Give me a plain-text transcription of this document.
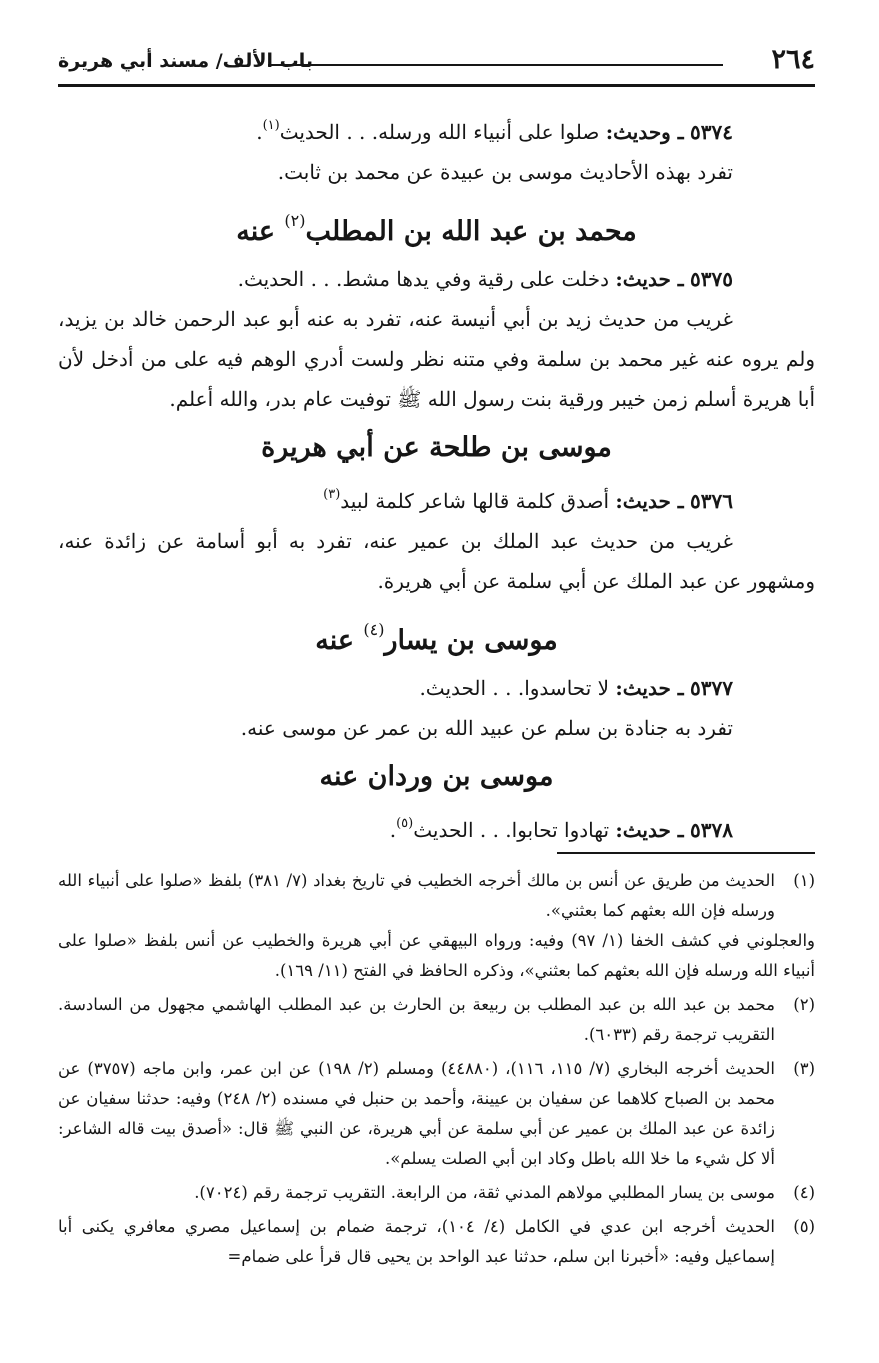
٢٦٤
باب الألف/ مسند أبي هريرة

٥٣٧٤ ـ وحديث: صلوا على أنبياء الله ورسله. . . الحديث$^{(١)}$.

تفرد بهذه الأحاديث موسى بن عبيدة عن محمد بن ثابت.

محمد بن عبد الله بن المطلب$^{(٢)}$ عنه

٥٣٧٥ ـ حديث: دخلت على رقية وفي يدها مشط. . . الحديث.

غريب من حديث زيد بن أبي أنيسة عنه، تفرد به عنه أبو عبد الرحمن خالد بن يزيد، ولم يروه عنه غير محمد بن سلمة وفي متنه نظر ولست أدري الوهم فيه على من أدخل لأن أبا هريرة أسلم زمن خيبر ورقية بنت رسول الله ﷺ توفيت عام بدر، والله أعلم.

موسى بن طلحة عن أبي هريرة

٥٣٧٦ ـ حديث: أصدق كلمة قالها شاعر كلمة لبيد$^{(٣)}$

غريب من حديث عبد الملك بن عمير عنه، تفرد به أبو أسامة عن زائدة عنه، ومشهور عن عبد الملك عن أبي سلمة عن أبي هريرة.

موسى بن يسار$^{(٤)}$ عنه

٥٣٧٧ ـ حديث: لا تحاسدوا. . . الحديث.

تفرد به جنادة بن سلم عن عبيد الله بن عمر عن موسى عنه.

موسى بن وردان عنه

٥٣٧٨ ـ حديث: تهادوا تحابوا. . . الحديث$^{(٥)}$.

(١)

الحديث من طريق عن أنس بن مالك أخرجه الخطيب في تاريخ بغداد (٧/ ٣٨١) بلفظ «صلوا على أنبياء الله ورسله فإن الله بعثهم كما بعثني».

والعجلوني في كشف الخفا (١/ ٩٧) وفيه: ورواه البيهقي عن أبي هريرة والخطيب عن أنس بلفظ «صلوا على أنبياء الله ورسله فإن الله بعثهم كما بعثني»، وذكره الحافظ في الفتح (١١/ ١٦٩).

(٢)

محمد بن عبد الله بن عبد المطلب بن ربيعة بن الحارث بن عبد المطلب الهاشمي مجهول من السادسة. التقريب ترجمة رقم (٦٠٣٣).

(٣)

الحديث أخرجه البخاري (٧/ ١١٥، ١١٦)، (٤٤٨٨٠) ومسلم (٢/ ١٩٨) عن ابن عمر، وابن ماجه (٣٧٥٧) عن محمد بن الصباح كلاهما عن سفيان بن عيينة، وأحمد بن حنبل في مسنده (٢/ ٢٤٨) وفيه: حدثنا سفيان عن زائدة عن عبد الملك بن عمير عن أبي سلمة عن أبي هريرة، عن النبي ﷺ قال: «أصدق بيت قاله الشاعر: ألا كل شيء ما خلا الله باطل وكاد ابن أبي الصلت يسلم».

(٤)

موسى بن يسار المطلبي مولاهم المدني ثقة، من الرابعة. التقريب ترجمة رقم (٧٠٢٤).

(٥)

الحديث أخرجه ابن عدي في الكامل (٤/ ١٠٤)، ترجمة ضمام بن إسماعيل مصري معافري يكنى أبا إسماعيل وفيه: «أخبرنا ابن سلم، حدثنا عبد الواحد بن يحيى قال قرأ على ضمام=
